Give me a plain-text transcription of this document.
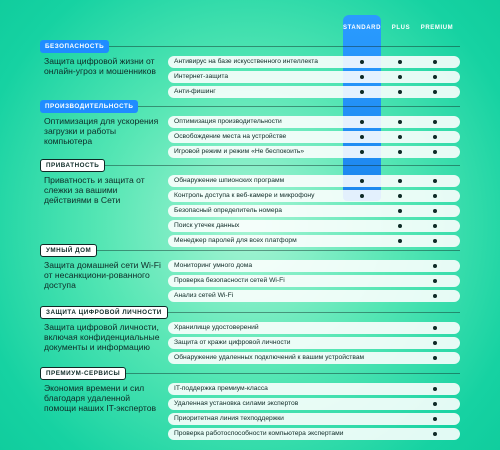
STANDARD	PLUS	PREMIUM
БЕЗОПАСНОСТЬ
Защита цифровой жизни от онлайн-угроз и мошенников
Антивирус на базе искусственного интеллекта
Интернет-защита
Анти-фишинг
ПРОИЗВОДИТЕЛЬНОСТЬ
Оптимизация для ускорения загрузки и работы компьютера
Оптимизация производительности
Освобождение места на устройстве
Игровой режим и режим «Не беспокоить»
ПРИВАТНОСТЬ
Приватность и защита от слежки за вашими действиями в Сети
Обнаружение шпионских программ
Контроль доступа к веб-камере и микрофону
Безопасный определитель номера
Поиск утечек данных
Менеджер паролей для всех платформ
УМНЫЙ ДОМ
Защита домашней сети Wi-Fi от несанкциони-рованного доступа
Мониторинг умного дома
Проверка безопасности сетей Wi-Fi
Анализ сетей Wi-Fi
ЗАЩИТА ЦИФРОВОЙ ЛИЧНОСТИ
Защита цифровой личности, включая конфиденциальные документы и информацию
Хранилище удостоверений
Защита от кражи цифровой личности
Обнаружение удаленных подключений к вашим устройствам
ПРЕМИУМ-СЕРВИСЫ
Экономия времени и сил благодаря удаленной помощи наших IT-экспертов
IT-поддержка премиум-класса
Удаленная установка силами экспертов
Приоритетная линия техподдержки
Проверка работоспособности компьютера экспертами
